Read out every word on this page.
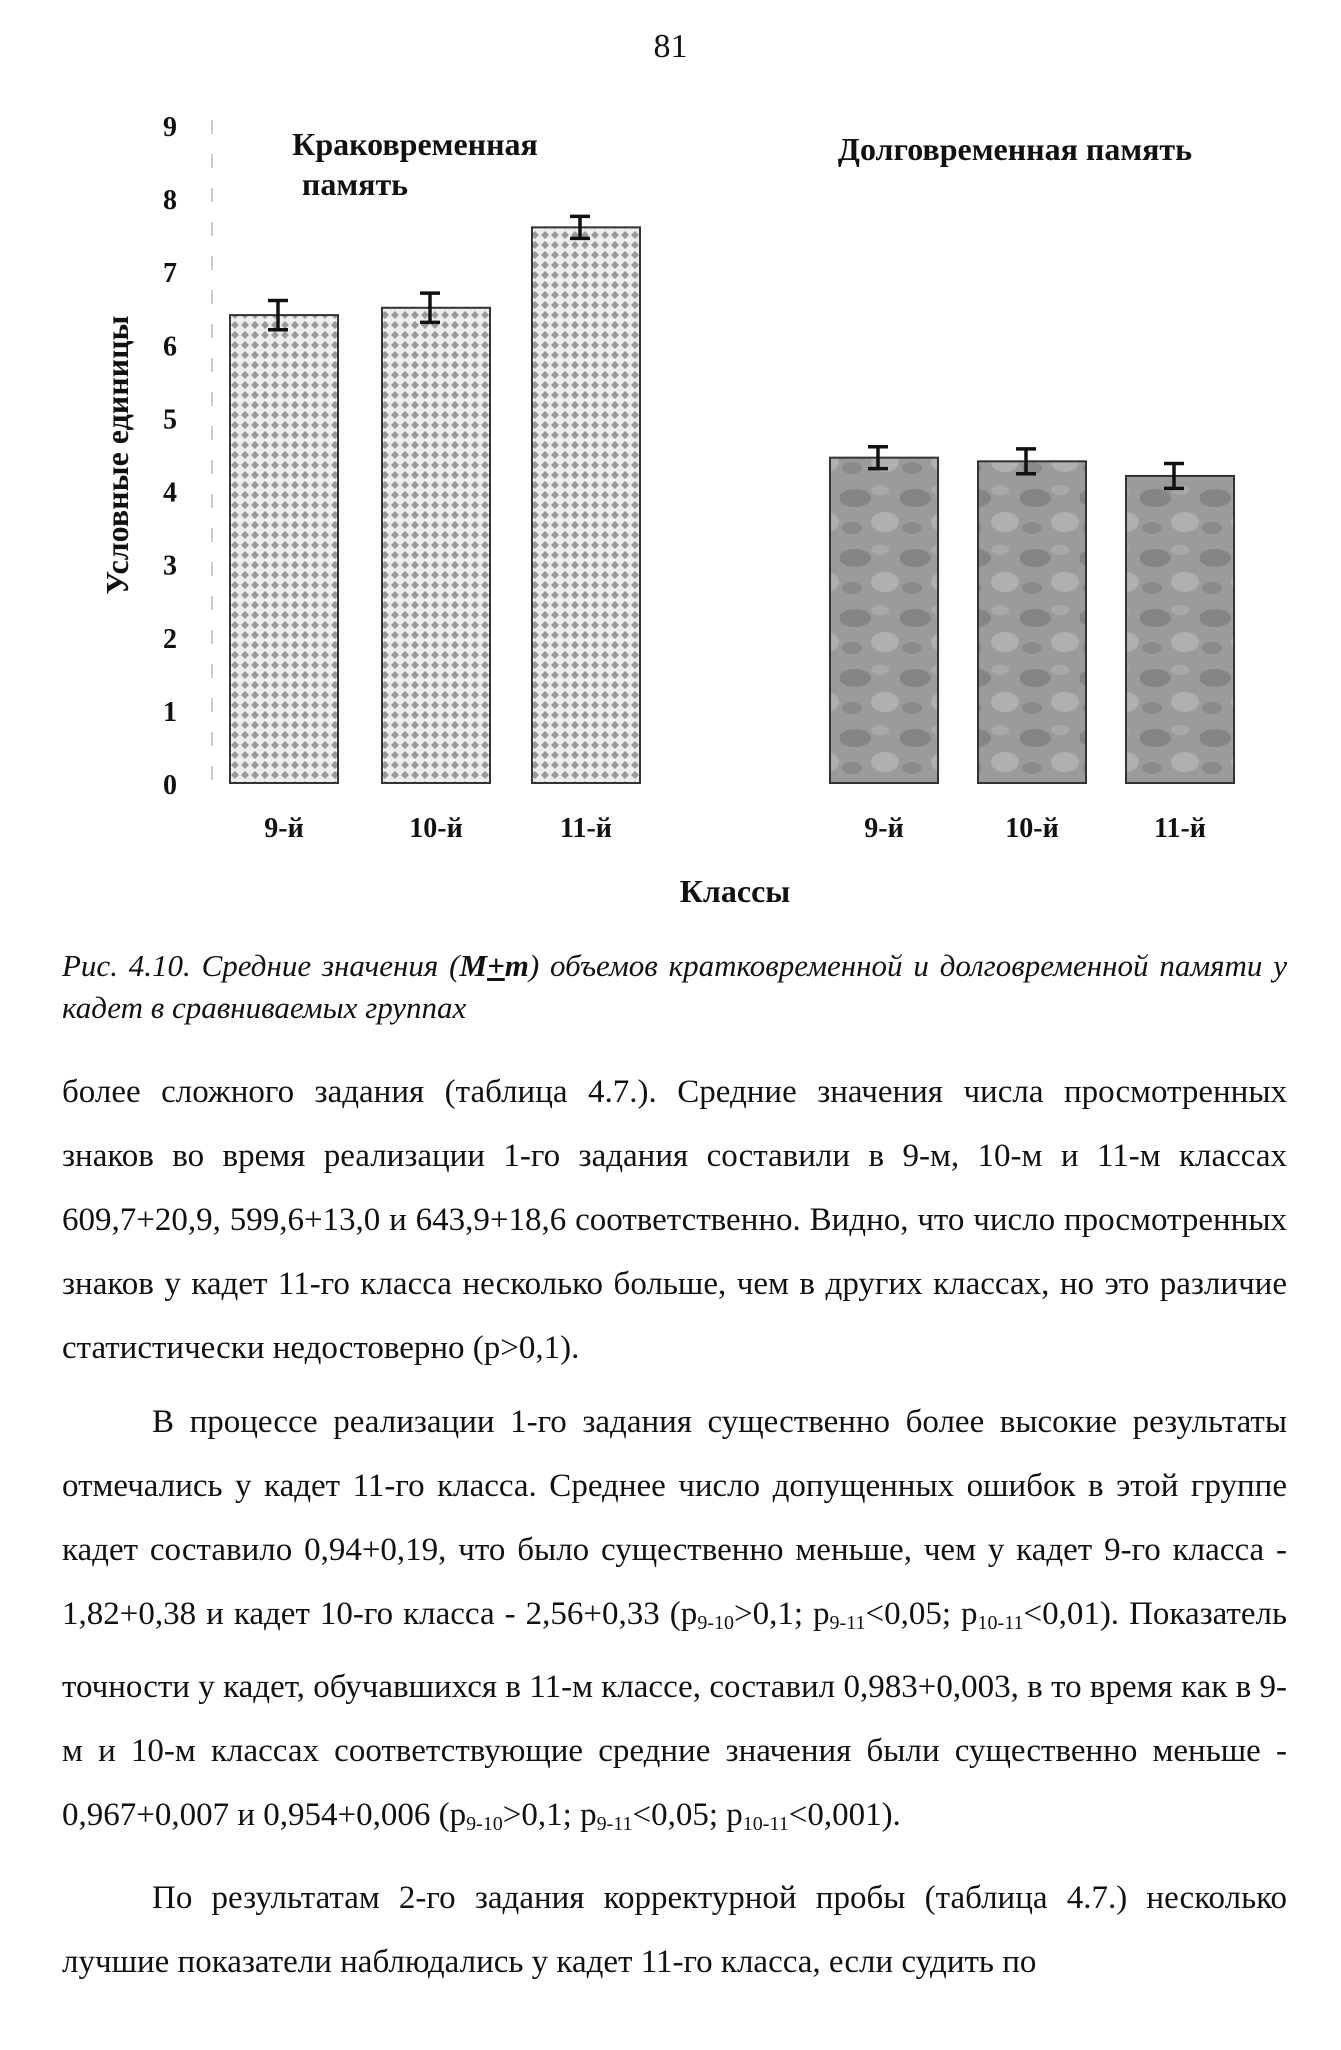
81
0
1
2
3
4
5
6
7
8
9
Условные единицы
Краковременная
память
9-й	10-й	11-й
Долговременная память
9-й	10-й	11-й
Классы
Рис. 4.10. Средние значения (M+m) объемов кратковременной и долговременной памяти у кадет в сравниваемых группах

более сложного задания (таблица 4.7.). Средние значения числа просмотренных знаков во время реализации 1-го задания составили в 9-м, 10-м и 11-м классах 609,7+20,9, 599,6+13,0 и 643,9+18,6 соответственно. Видно, что число просмотренных знаков у кадет 11-го класса несколько больше, чем в других классах, но это различие статистически недостоверно (p>0,1).

В процессе реализации 1-го задания существенно более высокие результаты отмечались у кадет 11-го класса. Среднее число допущенных ошибок в этой группе кадет составило 0,94+0,19, что было существенно меньше, чем у кадет 9-го класса - 1,82+0,38 и кадет 10-го класса - 2,56+0,33 ($p_{9-10}>0,1$; $p_{9-11}<0,05$; $p_{10-11}<0,01$). Показатель точности у кадет, обучавшихся в 11-м классе, составил 0,983+0,003, в то время как в 9-м и 10-м классах соответствующие средние значения были существенно меньше - 0,967+0,007 и 0,954+0,006 ($p_{9-10}>0,1$; $p_{9-11}<0,05$; $p_{10-11}<0,001$).

По результатам 2-го задания корректурной пробы (таблица 4.7.) несколько лучшие показатели наблюдались у кадет 11-го класса, если судить по
